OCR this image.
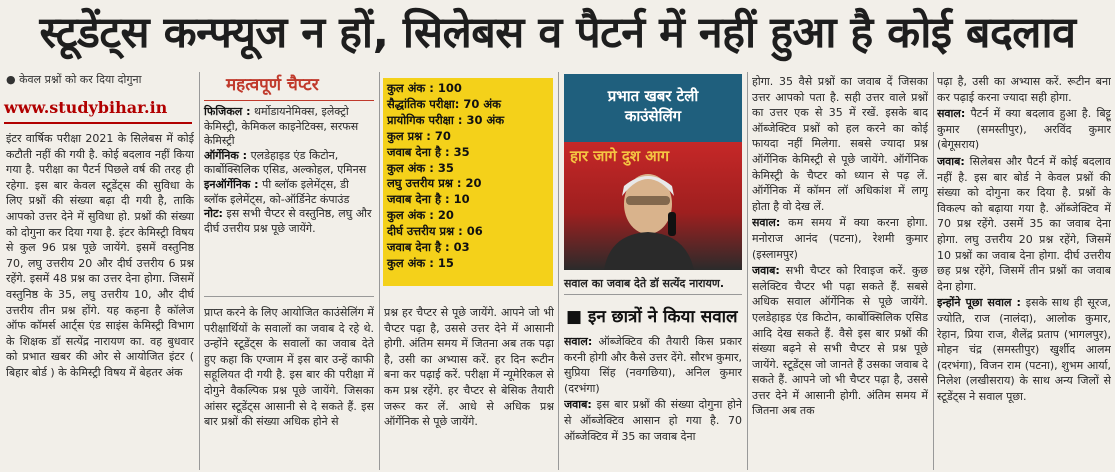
स्टूडेंट्स कन्फ्यूज न हों, सिलेबस व पैटर्न में नहीं हुआ है कोई बदलाव
● केवल प्रश्नों को कर दिया दोगुना
www.studybihar.in
इंटर वार्षिक परीक्षा 2021 के सिलेबस में कोई कटौती नहीं की गयी है. कोई बदलाव नहीं किया गया है. परीक्षा का पैटर्न पिछले वर्ष की तरह ही रहेगा. इस बार केवल स्टूडेंट्स की सुविधा के लिए प्रश्नों की संख्या बढ़ा दी गयी है, ताकि आपको उत्तर देने में सुविधा हो. प्रश्नों की संख्या को दोगुना कर दिया गया है. इंटर केमिस्ट्री विषय से कुल 96 प्रश्न पूछे जायेंगे. इसमें वस्तुनिष्ठ 70, लघु उत्तरीय 20 और दीर्घ उत्तरीय 6 प्रश्न रहेंगे. इसमें 48 प्रश्न का उत्तर देना होगा. जिसमें वस्तुनिष्ठ के 35, लघु उत्तरीय 10, और दीर्घ उत्तरीय तीन प्रश्न होंगे. यह कहना है कॉलेज ऑफ कॉमर्स आर्ट्स एंड साइंस केमिस्ट्री विभाग के शिक्षक डॉ सत्येंद्र नारायण का. वह बुधवार को प्रभात खबर की ओर से आयोजित इंटर ( बिहार बोर्ड ) के केमिस्ट्री विषय में बेहतर अंक
महत्वपूर्ण चैप्टर
फिजिकल : थर्मोडायनेमिक्स, इलेक्ट्रो केमिस्ट्री, केमिकल काइनेटिक्स, सरफस केमिस्ट्री
ऑर्गेनिक : एलडेहाइड एंड किटोन, कार्बोक्सिलिक एसिड, अल्कोहल, एमिनस
इनऑर्गेनिक : पी ब्लॉक इलेमेंट्स, डी ब्लॉक इलेमेंट्स, को-ऑर्डिनेट कंपाउंड
नोट: इस सभी चैप्टर से वस्तुनिष्ठ, लघु और दीर्घ उत्तरीय प्रश्न पूछे जायेंगे.
प्राप्त करने के लिए आयोजित काउंसेलिंग में परीक्षार्थियों के सवालों का जवाब दे रहे थे. उन्होंने स्टूडेंट्स के सवालों का जवाब देते हुए कहा कि एग्जाम में इस बार उन्हें काफी सहूलियत दी गयी है. इस बार की परीक्षा में दोगुने वैकल्पिक प्रश्न पूछे जायेंगे. जिसका आंसर स्टूडेंट्स आसानी से दे सकते हैं. इस बार प्रश्नों की संख्या अधिक होने से
कुल अंक : 100
सैद्धांतिक परीक्षा: 70 अंक
प्रायोगिक परीक्षा : 30 अंक
कुल प्रश्न : 70
जवाब देना है : 35
कुल अंक : 35
लघु उत्तरीय प्रश्न : 20
जवाब देना है : 10
कुल अंक : 20
दीर्घ उत्तरीय प्रश्न : 06
जवाब देना है : 03
कुल अंक : 15
प्रश्न हर चैप्टर से पूछे जायेंगे. आपने जो भी चैप्टर पढ़ा है, उससे उत्तर देने में आसानी होगी. अंतिम समय में जितना अब तक पढ़ा है, उसी का अभ्यास करें. हर दिन रूटीन बना कर पढ़ाई करें. परीक्षा में न्यूमेरिकल से कम प्रश्न रहेंगे. हर चैप्टर से बेसिक तैयारी जरूर कर लें. आधे से अधिक प्रश्न ऑर्गेनिक से पूछे जायेंगे.
प्रभात खबर टेली
काउंसेलिंग
हार जागे दुश आग
सवाल का जवाब देते डॉ सत्येंद नारायण.
■ इन छात्रों ने किया सवाल

सवाल: ऑब्जेक्टिव की तैयारी किस प्रकार करनी होगी और कैसे उत्तर देंगे. सौरभ कुमार, सुप्रिया सिंह (नवगछिया), अनिल कुमार (दरभंगा)

जवाब: इस बार प्रश्नों की संख्या दोगुना होने से ऑब्जेक्टिव आसान हो गया है. 70 ऑब्जेक्टिव में 35 का जवाब देना

होगा. 35 वैसे प्रश्नों का जवाब दें जिसका उत्तर आपको पता है. सही उत्तर वाले प्रश्नों का उत्तर एक से 35 में रखें. इसके बाद ऑब्जेक्टिव प्रश्नों को हल करने का कोई फायदा नहीं मिलेगा. सबसे ज्यादा प्रश्न ऑर्गेनिक केमिस्ट्री से पूछे जायेंगे. ऑर्गेनिक केमिस्ट्री के चैप्टर को ध्यान से पढ़ लें. ऑर्गेनिक में कॉमन लॉ अधिकांश में लागू होता है वो देख लें.

सवाल: कम समय में क्या करना होगा. मनोराज आनंद (पटना), रेशमी कुमार (इस्लामपुर)

जवाब: सभी चैप्टर को रिवाइज करें. कुछ सलेक्टिव चैप्टर भी पढ़ा सकते हैं. सबसे अधिक सवाल ऑर्गेनिक से पूछे जायेंगे. एलडेहाइड एंड किटोन, कार्बोक्सिलिक एसिड आदि देख सकते हैं. वैसे इस बार प्रश्नों की संख्या बढ़ने से सभी चैप्टर से प्रश्न पूछे जायेंगे. स्टूडेंट्स जो जानते हैं उसका जवाब दे सकते हैं. आपने जो भी चैप्टर पढ़ा है, उससे उत्तर देने में आसानी होगी. अंतिम समय में जितना अब तक

पढ़ा है, उसी का अभ्यास करें. रूटीन बना कर पढ़ाई करना ज्यादा सही होगा.

सवाल: पैटर्न में क्या बदलाव हुआ है. बिट्टू कुमार (समस्तीपुर), अरविंद कुमार (बेगूसराय)

जवाब: सिलेबस और पैटर्न में कोई बदलाव नहीं है. इस बार बोर्ड ने केवल प्रश्नों की संख्या को दोगुना कर दिया है. प्रश्नों के विकल्प को बढ़ाया गया है. ऑब्जेक्टिव में 70 प्रश्न रहेंगे. उसमें 35 का जवाब देना होगा. लघु उत्तरीय 20 प्रश्न रहेंगे, जिसमें 10 प्रश्नों का जवाब देना होगा. दीर्घ उत्तरीय छह प्रश्न रहेंगे, जिसमें तीन प्रश्नों का जवाब देना होगा.

इन्होंने पूछा सवाल : इसके साथ ही सूरज, ज्योति, राज (नालंदा), आलोक कुमार, रेहान, प्रिया राज, शैलेंद्र प्रताप (भागलपुर), मोहन चंद्र (समस्तीपुर) खुर्शीद आलम (दरभंगा), विजन राम (पटना), शुभम आर्या, निलेश (लखीसराय) के साथ अन्य जिलों से स्टूडेंट्स ने सवाल पूछा.
